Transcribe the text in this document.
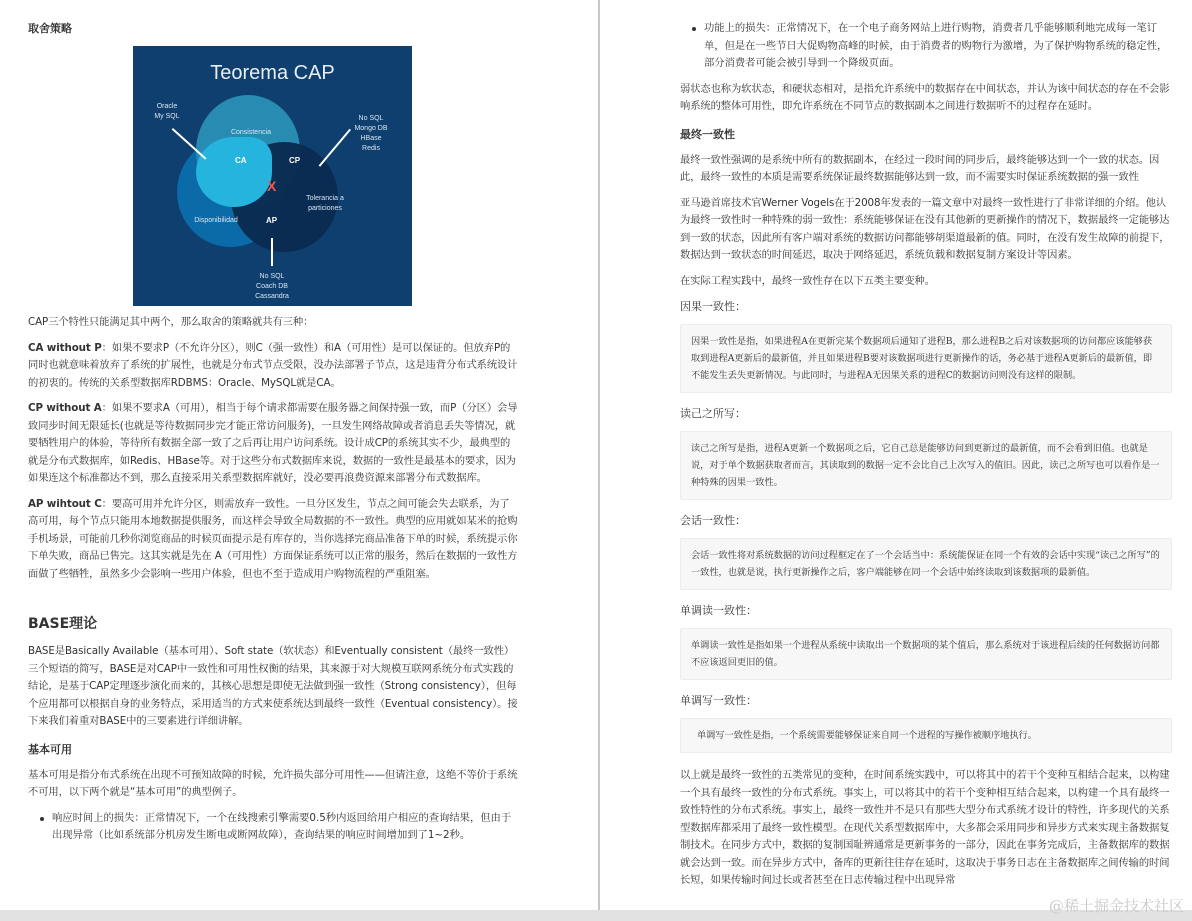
取舍策略
Teorema CAP
Consistencia
Disponibilidad
Tolerancia a particiones
CA	CP
AP
X
Oracle
My SQL	No SQL
Mongo DB
HBase
Redis
No SQL
Coach DB
Cassandra

CAP三个特性只能满足其中两个，那么取舍的策略就共有三种：

CA without P：如果不要求P（不允许分区），则C（强一致性）和A（可用性）是可以保证的。但放弃P的同时也就意味着放弃了系统的扩展性，也就是分布式节点受限，没办法部署子节点，这是违背分布式系统设计的初衷的。传统的关系型数据库RDBMS：Oracle、MySQL就是CA。

CP without A：如果不要求A（可用），相当于每个请求都需要在服务器之间保持强一致，而P（分区）会导致同步时间无限延长(也就是等待数据同步完才能正常访问服务)，一旦发生网络故障或者消息丢失等情况，就要牺牲用户的体验，等待所有数据全部一致了之后再让用户访问系统。设计成CP的系统其实不少，最典型的就是分布式数据库，如Redis、HBase等。对于这些分布式数据库来说，数据的一致性是最基本的要求，因为如果连这个标准都达不到，那么直接采用关系型数据库就好，没必要再浪费资源来部署分布式数据库。

AP wihtout C：要高可用并允许分区，则需放弃一致性。一旦分区发生，节点之间可能会失去联系，为了高可用，每个节点只能用本地数据提供服务，而这样会导致全局数据的不一致性。典型的应用就如某米的抢购手机场景，可能前几秒你浏览商品的时候页面提示是有库存的，当你选择完商品准备下单的时候，系统提示你下单失败，商品已售完。这其实就是先在 A（可用性）方面保证系统可以正常的服务，然后在数据的一致性方面做了些牺牲，虽然多少会影响一些用户体验，但也不至于造成用户购物流程的严重阻塞。

BASE理论

BASE是Basically Available（基本可用）、Soft state（软状态）和Eventually consistent（最终一致性）三个短语的简写，BASE是对CAP中一致性和可用性权衡的结果，其来源于对大规模互联网系统分布式实践的结论，是基于CAP定理逐步演化而来的，其核心思想是即使无法做到强一致性（Strong consistency），但每个应用都可以根据自身的业务特点，采用适当的方式来使系统达到最终一致性（Eventual consistency）。接下来我们着重对BASE中的三要素进行详细讲解。

基本可用

基本可用是指分布式系统在出现不可预知故障的时候，允许损失部分可用性——但请注意，这绝不等价于系统不可用，以下两个就是“基本可用”的典型例子。

响应时间上的损失：正常情况下，一个在线搜索引擎需要0.5秒内返回给用户相应的查询结果，但由于出现异常（比如系统部分机房发生断电或断网故障），查询结果的响应时间增加到了1~2秒。
功能上的损失：正常情况下，在一个电子商务网站上进行购物，消费者几乎能够顺利地完成每一笔订单，但是在一些节日大促购物高峰的时候，由于消费者的购物行为激增，为了保护购物系统的稳定性，部分消费者可能会被引导到一个降级页面。

弱状态也称为软状态，和硬状态相对，是指允许系统中的数据存在中间状态，并认为该中间状态的存在不会影响系统的整体可用性，即允许系统在不同节点的数据副本之间进行数据听不的过程存在延时。

最终一致性

最终一致性强调的是系统中所有的数据副本，在经过一段时间的同步后，最终能够达到一个一致的状态。因此，最终一致性的本质是需要系统保证最终数据能够达到一致，而不需要实时保证系统数据的强一致性

亚马逊首席技术官Werner Vogels在于2008年发表的一篇文章中对最终一致性进行了非常详细的介绍。他认为最终一致性时一种特殊的弱一致性：系统能够保证在没有其他新的更新操作的情况下，数据最终一定能够达到一致的状态，因此所有客户端对系统的数据访问都能够胡渠道最新的值。同时，在没有发生故障的前提下，数据达到一致状态的时间延迟，取决于网络延迟，系统负载和数据复制方案设计等因素。

在实际工程实践中，最终一致性存在以下五类主要变种。

因果一致性：
因果一致性是指，如果进程A在更新完某个数据项后通知了进程B，那么进程B之后对该数据项的访问都应该能够获取到进程A更新后的最新值，并且如果进程B要对该数据项进行更新操作的话，务必基于进程A更新后的最新值，即不能发生丢失更新情况。与此同时，与进程A无因果关系的进程C的数据访问则没有这样的限制。
读己之所写：
读己之所写是指，进程A更新一个数据项之后，它自己总是能够访问到更新过的最新值，而不会看到旧值。也就是说，对于单个数据获取者而言，其读取到的数据一定不会比自己上次写入的值旧。因此，读己之所写也可以看作是一种特殊的因果一致性。
会话一致性：
会话一致性将对系统数据的访问过程框定在了一个会话当中：系统能保证在同一个有效的会话中实现“读己之所写”的一致性，也就是说，执行更新操作之后，客户端能够在同一个会话中始终读取到该数据项的最新值。
单调读一致性：
单调读一致性是指如果一个进程从系统中读取出一个数据项的某个值后，那么系统对于该进程后续的任何数据访问都不应该返回更旧的值。
单调写一致性：
单调写一致性是指，一个系统需要能够保证来自同一个进程的写操作被顺序地执行。

以上就是最终一致性的五类常见的变种，在时间系统实践中，可以将其中的若干个变种互相结合起来，以构建一个具有最终一致性的分布式系统。事实上，可以将其中的若干个变种相互结合起来，以构建一个具有最终一致性特性的分布式系统。事实上，最终一致性并不是只有那些大型分布式系统才设计的特性，许多现代的关系型数据库都采用了最终一致性模型。在现代关系型数据库中，大多都会采用同步和异步方式来实现主备数据复制技术。在同步方式中，数据的复制国耻辨通常是更新事务的一部分，因此在事务完成后，主备数据库的数据就会达到一致。而在异步方式中，备库的更新往往存在延时，这取决于事务日志在主备数据库之间传输的时间长短，如果传输时间过长或者甚至在日志传输过程中出现异常

@稀土掘金技术社区
